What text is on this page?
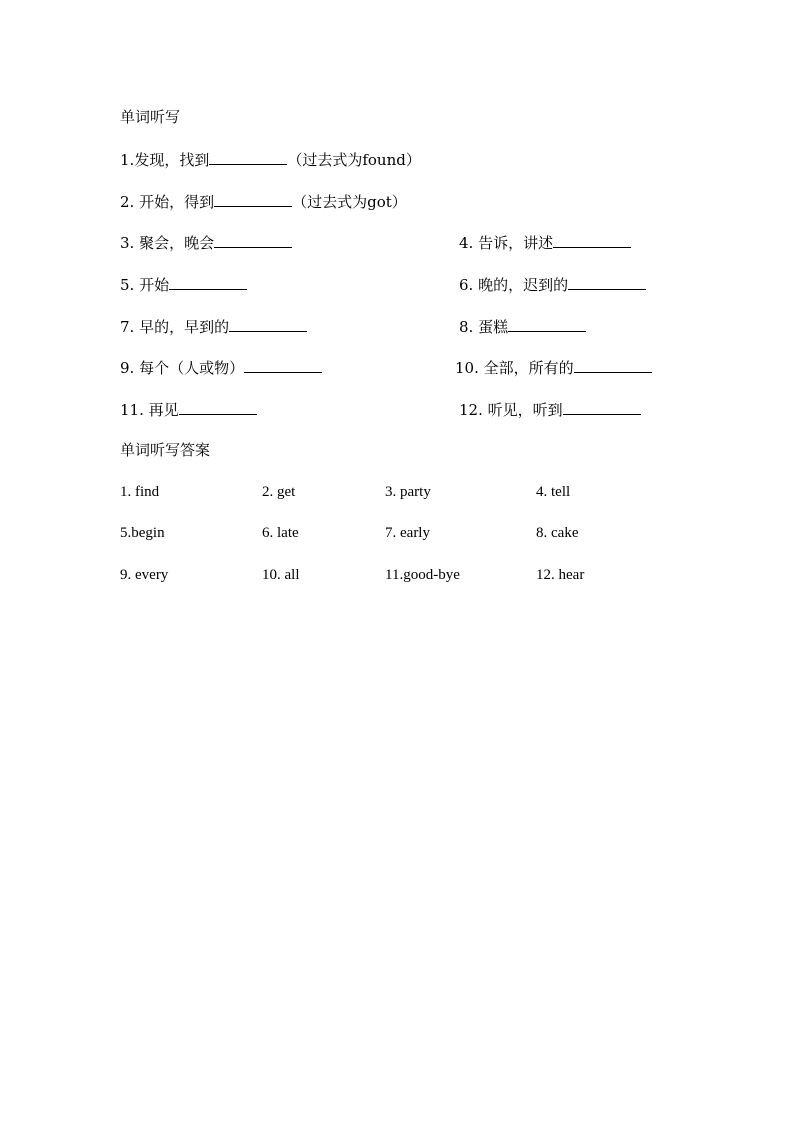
单词听写
1.发现，找到	（过去式为found）
2. 开始，得到	（过去式为got）
3. 聚会，晚会	4. 告诉，讲述
5. 开始	6. 晚的，迟到的
7. 早的，早到的	8. 蛋糕
9. 每个（人或物）	10. 全部，所有的
11. 再见	12. 听见，听到
单词听写答案
1. find	2. get	3. party	4. tell
5.begin	6. late	7. early	8. cake
9. every	10. all	11.good-bye	12. hear
